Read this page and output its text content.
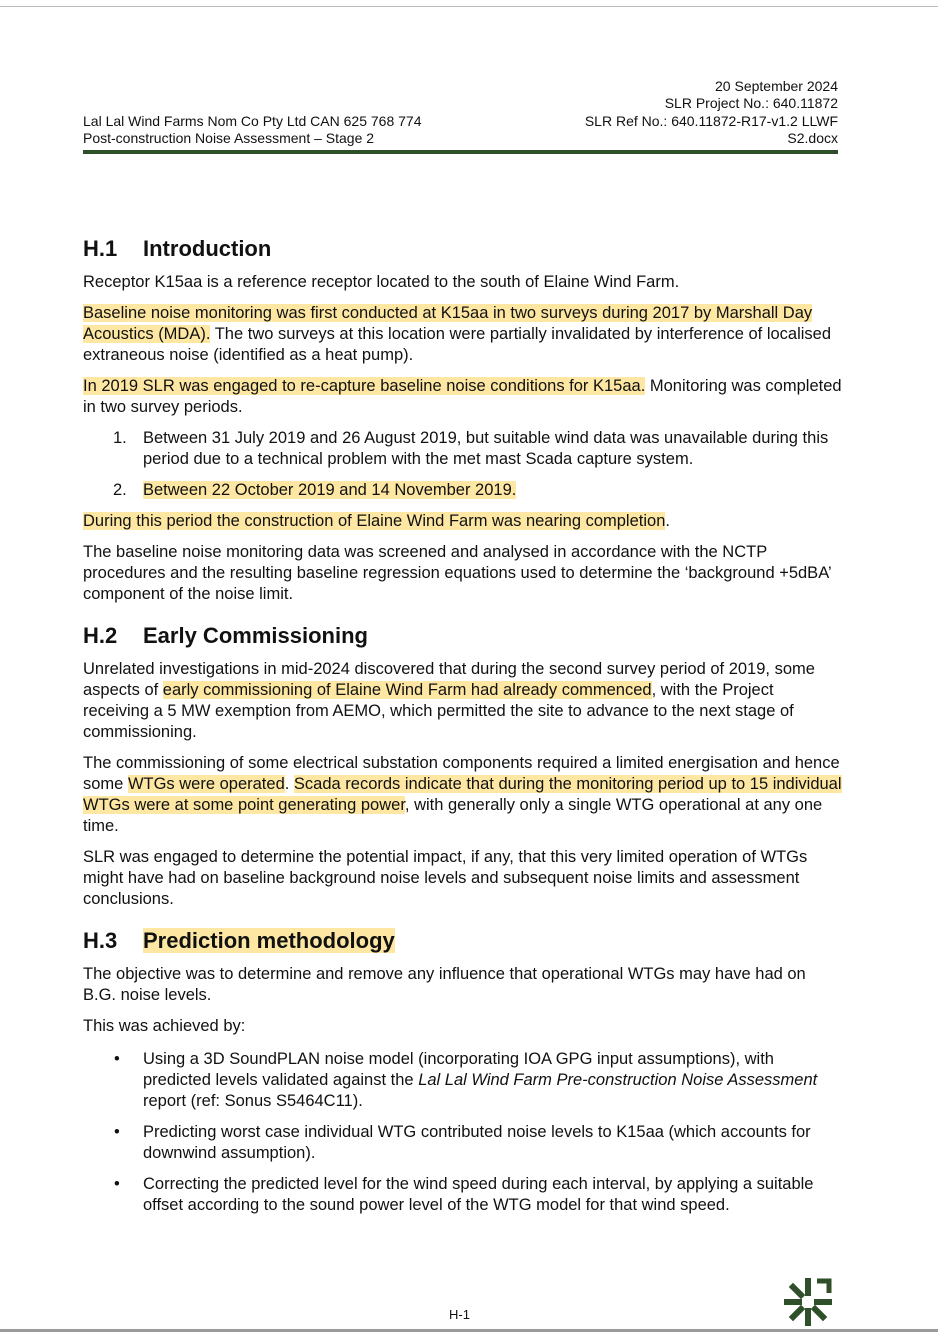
20 September 2024
SLR Project No.: 640.11872
Lal Lal Wind Farms Nom Co Pty Ltd CAN 625 768 774	SLR Ref No.: 640.11872-R17-v1.2 LLWF
Post-construction Noise Assessment – Stage 2	S2.docx
H.1 Introduction

Receptor K15aa is a reference receptor located to the south of Elaine Wind Farm.

Baseline noise monitoring was first conducted at K15aa in two surveys during 2017 by Marshall Day Acoustics (MDA). The two surveys at this location were partially invalidated by interference of localised extraneous noise (identified as a heat pump).

In 2019 SLR was engaged to re-capture baseline noise conditions for K15aa. Monitoring was completed in two survey periods.

1. Between 31 July 2019 and 26 August 2019, but suitable wind data was unavailable during this period due to a technical problem with the met mast Scada capture system.
2. Between 22 October 2019 and 14 November 2019.

During this period the construction of Elaine Wind Farm was nearing completion.

The baseline noise monitoring data was screened and analysed in accordance with the NCTP procedures and the resulting baseline regression equations used to determine the ‘background +5dBA’ component of the noise limit.

H.2 Early Commissioning

Unrelated investigations in mid-2024 discovered that during the second survey period of 2019, some aspects of early commissioning of Elaine Wind Farm had already commenced, with the Project receiving a 5 MW exemption from AEMO, which permitted the site to advance to the next stage of commissioning.

The commissioning of some electrical substation components required a limited energisation and hence some WTGs were operated. Scada records indicate that during the monitoring period up to 15 individual WTGs were at some point generating power, with generally only a single WTG operational at any one time.

SLR was engaged to determine the potential impact, if any, that this very limited operation of WTGs might have had on baseline background noise levels and subsequent noise limits and assessment conclusions.

H.3 Prediction methodology

The objective was to determine and remove any influence that operational WTGs may have had on B.G. noise levels.

This was achieved by:

• Using a 3D SoundPLAN noise model (incorporating IOA GPG input assumptions), with predicted levels validated against the Lal Lal Wind Farm Pre-construction Noise Assessment report (ref: Sonus S5464C11).
• Predicting worst case individual WTG contributed noise levels to K15aa (which accounts for downwind assumption).
• Correcting the predicted level for the wind speed during each interval, by applying a suitable offset according to the sound power level of the WTG model for that wind speed.
H-1
